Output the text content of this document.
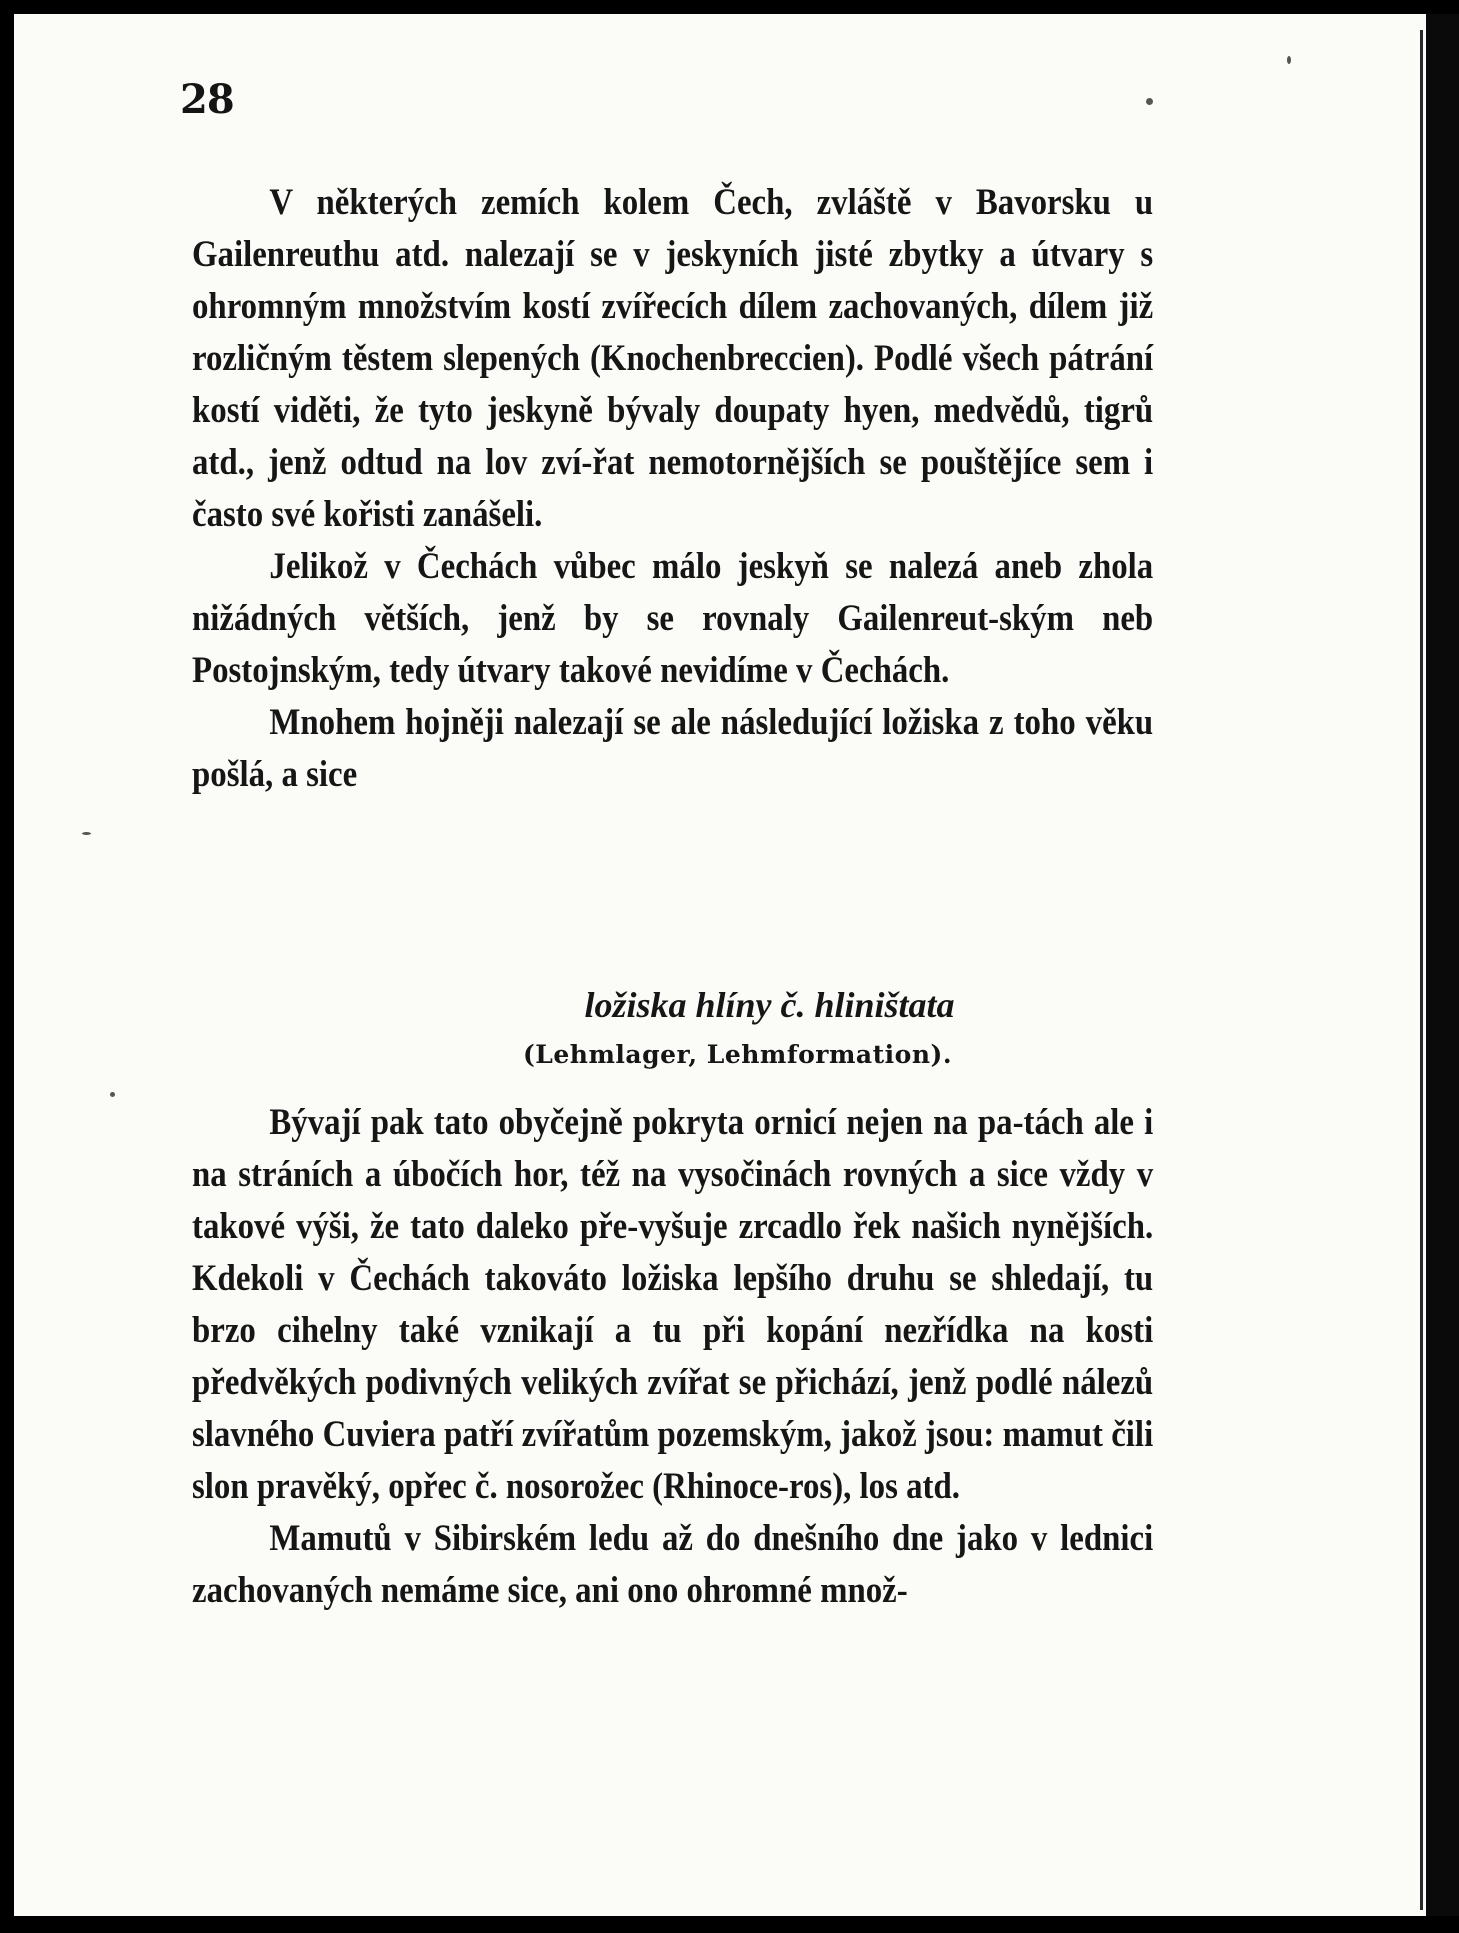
28

V některých zemích kolem Čech, zvláště v Bavorsku u Gailenreuthu atd. nalezají se v jeskyních jisté zbytky a útvary s ohromným množstvím kostí zvířecích dílem zachovaných, dílem již rozličným těstem slepených (Knochenbreccien). Podlé všech pátrání kostí viděti, že tyto jeskyně bývaly doupaty hyen, medvědů, tigrů atd., jenž odtud na lov zví-řat nemotornějších se pouštějíce sem i často své kořisti zanášeli.

Jelikož v Čechách vůbec málo jeskyň se nalezá aneb zhola nižádných větších, jenž by se rovnaly Gailenreut-ským neb Postojnským, tedy útvary takové nevidíme v Čechách.

Mnohem hojněji nalezají se ale následující ložiska z toho věku pošlá, a sice

ložiska hlíny č. hliništata
(Lehmlager, Lehmformation).

Bývají pak tato obyčejně pokryta ornicí nejen na pa-tách ale i na stráních a úbočích hor, též na vysočinách rovných a sice vždy v takové výši, že tato daleko pře-vyšuje zrcadlo řek našich nynějších. Kdekoli v Čechách takováto ložiska lepšího druhu se shledají, tu brzo cihelny také vznikají a tu při kopání nezřídka na kosti předvěkých podivných velikých zvířat se přichází, jenž podlé nálezů slavného Cuviera patří zvířatům pozemským, jakož jsou: mamut čili slon pravěký, opřec č. nosorožec (Rhinoce-ros), los atd.

Mamutů v Sibirském ledu až do dnešního dne jako v lednici zachovaných nemáme sice, ani ono ohromné množ-
